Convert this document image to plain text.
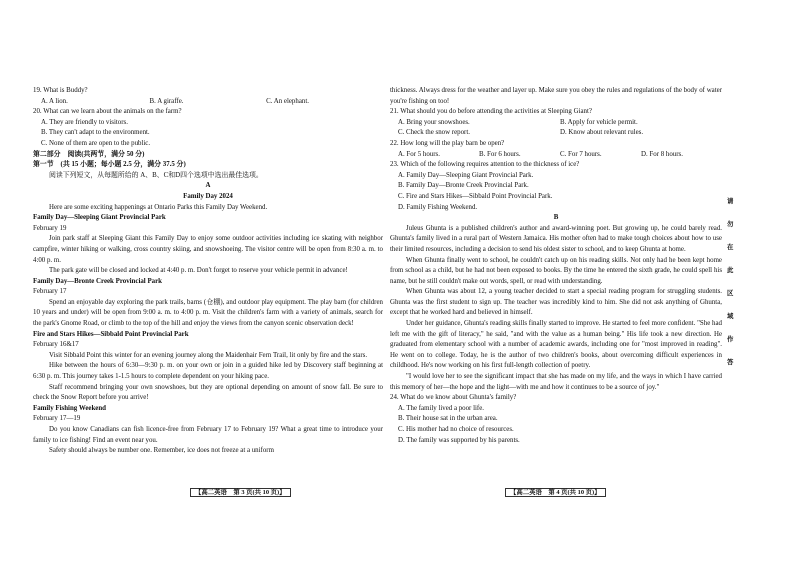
19. What is Buddy?

A. A lion.	B. A giraffe.	C. An elephant.

20. What can we learn about the animals on the farm?

A. They are friendly to visitors.

B. They can't adapt to the environment.

C. None of them are open to the public.

第二部分　阅读(共两节，满分 50 分)

第一节　(共 15 小题；每小题 2.5 分，满分 37.5 分)

阅读下列短文，从每题所给的 A、B、C和D四个选项中选出最佳选项。

A

Family Day 2024

Here are some exciting happenings at Ontario Parks this Family Day Weekend.

Family Day—Sleeping Giant Provincial Park

February 19

Join park staff at Sleeping Giant this Family Day to enjoy some outdoor activities including ice skating with neighbor campfire, winter hiking or walking, cross country skiing, and snowshoeing. The visitor centre will be open from 8:30 a. m. to 4:00 p. m.

The park gate will be closed and locked at 4:40 p. m. Don't forget to reserve your vehicle permit in advance!

Family Day—Bronte Creek Provincial Park

February 17

Spend an enjoyable day exploring the park trails, barns (仓棚), and outdoor play equipment. The play barn (for children 10 years and under) will be open from 9:00 a. m. to 4:00 p. m. Visit the children's farm with a variety of animals, search for the park's Gnome Road, or climb to the top of the hill and enjoy the views from the canyon scenic observation deck!

Fire and Stars Hikes—Sibbald Point Provincial Park

February 16&17

Visit Sibbald Point this winter for an evening journey along the Maidenhair Fern Trail, lit only by fire and the stars.

Hike between the hours of 6:30—9:30 p. m. on your own or join in a guided hike led by Discovery staff beginning at 6:30 p. m. This journey takes 1-1.5 hours to complete dependent on your hiking pace.

Staff recommend bringing your own snowshoes, but they are optional depending on amount of snow fall. Be sure to check the Snow Report before you arrive!

Family Fishing Weekend

February 17—19

Do you know Canadians can fish licence-free from February 17 to February 19? What a great time to introduce your family to ice fishing! Find an event near you.

Safety should always be number one. Remember, ice does not freeze at a uniform

thickness. Always dress for the weather and layer up. Make sure you obey the rules and regulations of the body of water you're fishing on too!

21. What should you do before attending the activities at Sleeping Giant?

A. Bring your snowshoes.	B. Apply for vehicle permit.
C. Check the snow report.	D. Know about relevant rules.

22. How long will the play barn be open?

A. For 5 hours.	B. For 6 hours.	C. For 7 hours.	D. For 8 hours.

23. Which of the following requires attention to the thickness of ice?

A. Family Day—Sleeping Giant Provincial Park.

B. Family Day—Bronte Creek Provincial Park.

C. Fire and Stars Hikes—Sibbald Point Provincial Park.

D. Family Fishing Weekend.

B

Juleus Ghunta is a published children's author and award-winning poet. But growing up, he could barely read. Ghunta's family lived in a rural part of Western Jamaica. His mother often had to make tough choices about how to use their limited resources, including a decision to send his oldest sister to school, and to keep Ghunta at home.

When Ghunta finally went to school, he couldn't catch up on his reading skills. Not only had he been kept home from school as a child, but he had not been exposed to books. By the time he entered the sixth grade, he could spell his name, but he still couldn't make out words, spell, or read with understanding.

When Ghunta was about 12, a young teacher decided to start a special reading program for struggling students. Ghunta was the first student to sign up. The teacher was incredibly kind to him. She did not ask anything of Ghunta, except that he worked hard and believed in himself.

Under her guidance, Ghunta's reading skills finally started to improve. He started to feel more confident. "She had left me with the gift of literacy," he said, "and with the value as a human being." His life took a new direction. He graduated from elementary school with a number of academic awards, including one for "most improved in reading". He went on to college. Today, he is the author of two children's books, about overcoming difficult experiences in childhood. He's now working on his first full-length collection of poetry.

"I would love her to see the significant impact that she has made on my life, and the ways in which I have carried this memory of her—the hope and the light—with me and how it continues to be a source of joy."

24. What do we know about Ghunta's family?

A. The family lived a poor life.

B. Their house sat in the urban area.

C. His mother had no choice of resources.

D. The family was supported by his parents.

【高二英语　第 3 页(共 10 页)】	【高二英语　第 4 页(共 10 页)】
请
勿
在
此
区
域
作
答
